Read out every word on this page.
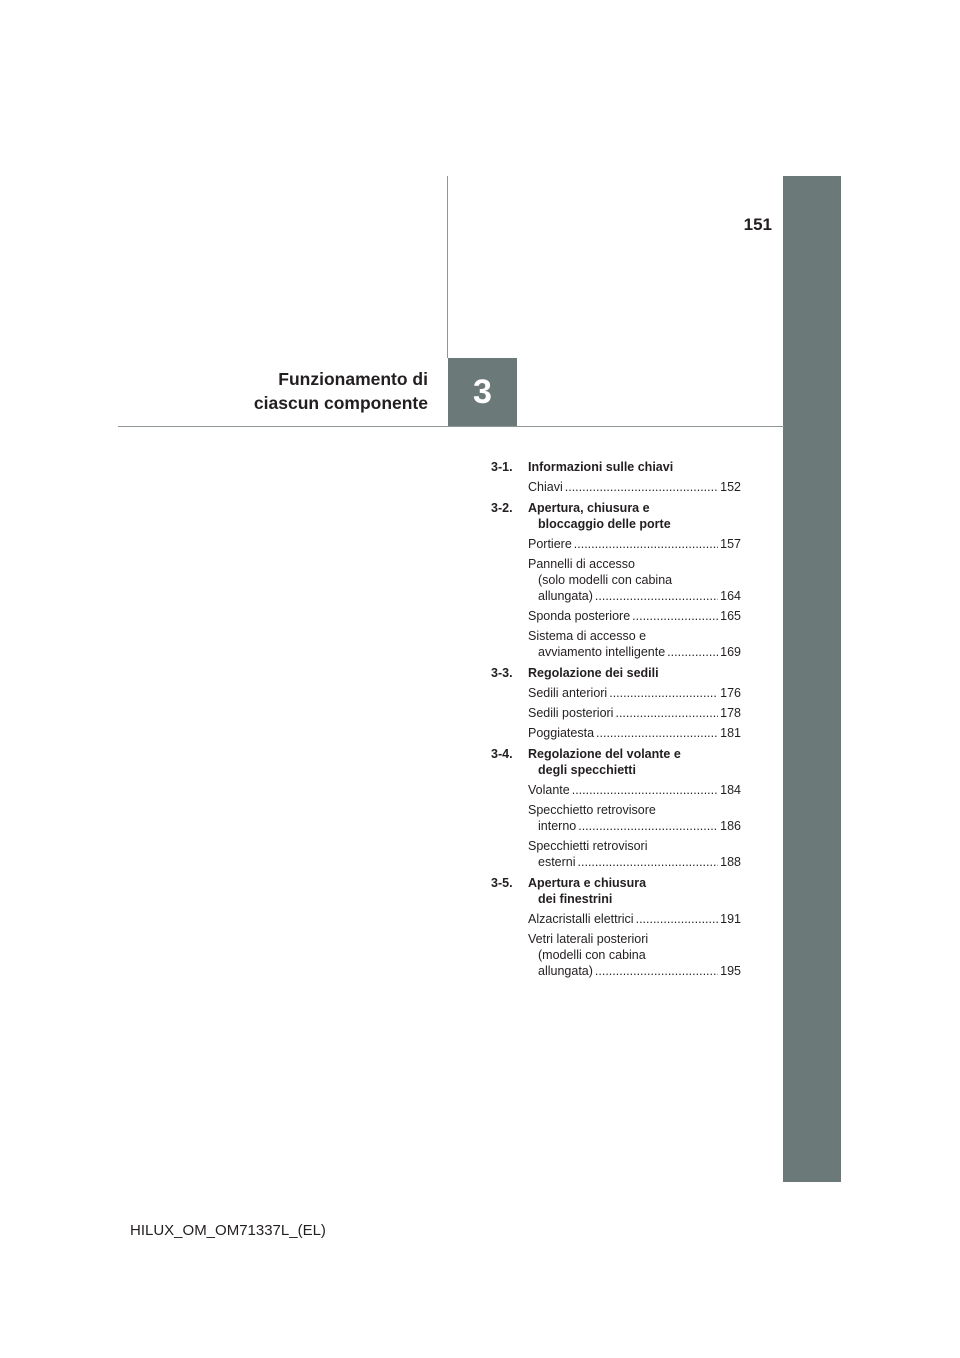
151
3
Funzionamento di
ciascun componente
3-1. Informazioni sulle chiavi
Chiavi .....	152
3-2. Apertura, chiusura e
bloccaggio delle porte
Portiere .....	157
Pannelli di accesso
(solo modelli con cabina
allungata) .....	164
Sponda posteriore .....	165
Sistema di accesso e
avviamento intelligente .....	169
3-3. Regolazione dei sedili
Sedili anteriori .....	176
Sedili posteriori .....	178
Poggiatesta .....	181
3-4. Regolazione del volante e
degli specchietti
Volante .....	184
Specchietto retrovisore
interno .....	186
Specchietti retrovisori
esterni .....	188
3-5. Apertura e chiusura
dei finestrini
Alzacristalli elettrici .....	191
Vetri laterali posteriori
(modelli con cabina
allungata) .....	195
HILUX_OM_OM71337L_(EL)
